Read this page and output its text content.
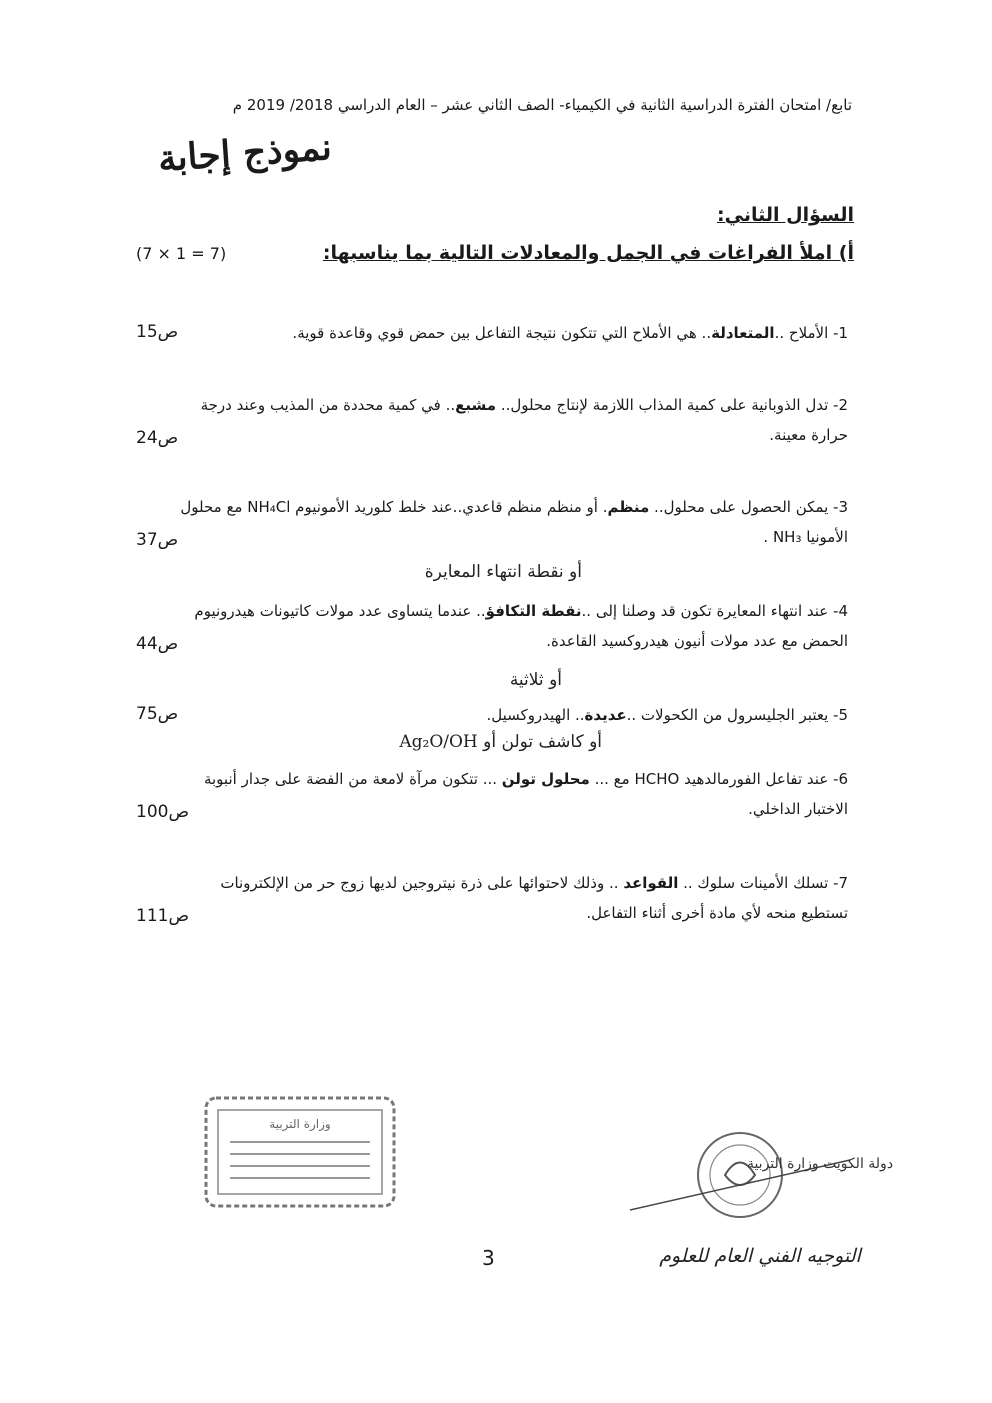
تابع/ امتحان الفترة الدراسية الثانية في الكيمياء- الصف الثاني عشر – العام الدراسي 2018/ 2019 م
نموذج إجابة
السؤال الثاني:
أ) املأ الفراغات في الجمل والمعادلات التالية بما يناسبها:
(7 × 1 = 7)
1- الأملاح ..المتعادلة.. هي الأملاح التي تتكون نتيجة التفاعل بين حمض قوي وقاعدة قوية.
ص15
2- تدل الذوبانية على كمية المذاب اللازمة لإنتاج محلول.. مشبع.. في كمية محددة من المذيب وعند درجة
حرارة معينة.
ص24
3- يمكن الحصول على محلول.. منظم. أو منظم منظم قاعدي..عند خلط كلوريد الأمونيوم NH₄Cl مع محلول
الأمونيا NH₃ .
ص37
أو نقطة انتهاء المعايرة
4- عند انتهاء المعايرة تكون قد وصلنا إلى ..نقطة التكافؤ.. عندما يتساوى عدد مولات كاتيونات هيدرونيوم
الحمض مع عدد مولات أنيون هيدروكسيد القاعدة.
ص44
أو ثلاثية
5- يعتبر الجليسرول من الكحولات ..عديدة.. الهيدروكسيل.
ص75
أو كاشف تولن أو Ag₂O/OH
6- عند تفاعل الفورمالدهيد HCHO مع ... محلول تولن ... تتكون مرآة لامعة من الفضة على جدار أنبوبة
الاختبار الداخلي.
ص100
7- تسلك الأمينات سلوك .. القواعد .. وذلك لاحتوائها على ذرة نيتروجين لديها زوج حر من الإلكترونات
تستطيع منحه لأي مادة أخرى أثناء التفاعل.
ص111
وزارة التربية
دولة الكويت وزارة التربية
التوجيه الفني العام للعلوم
3
